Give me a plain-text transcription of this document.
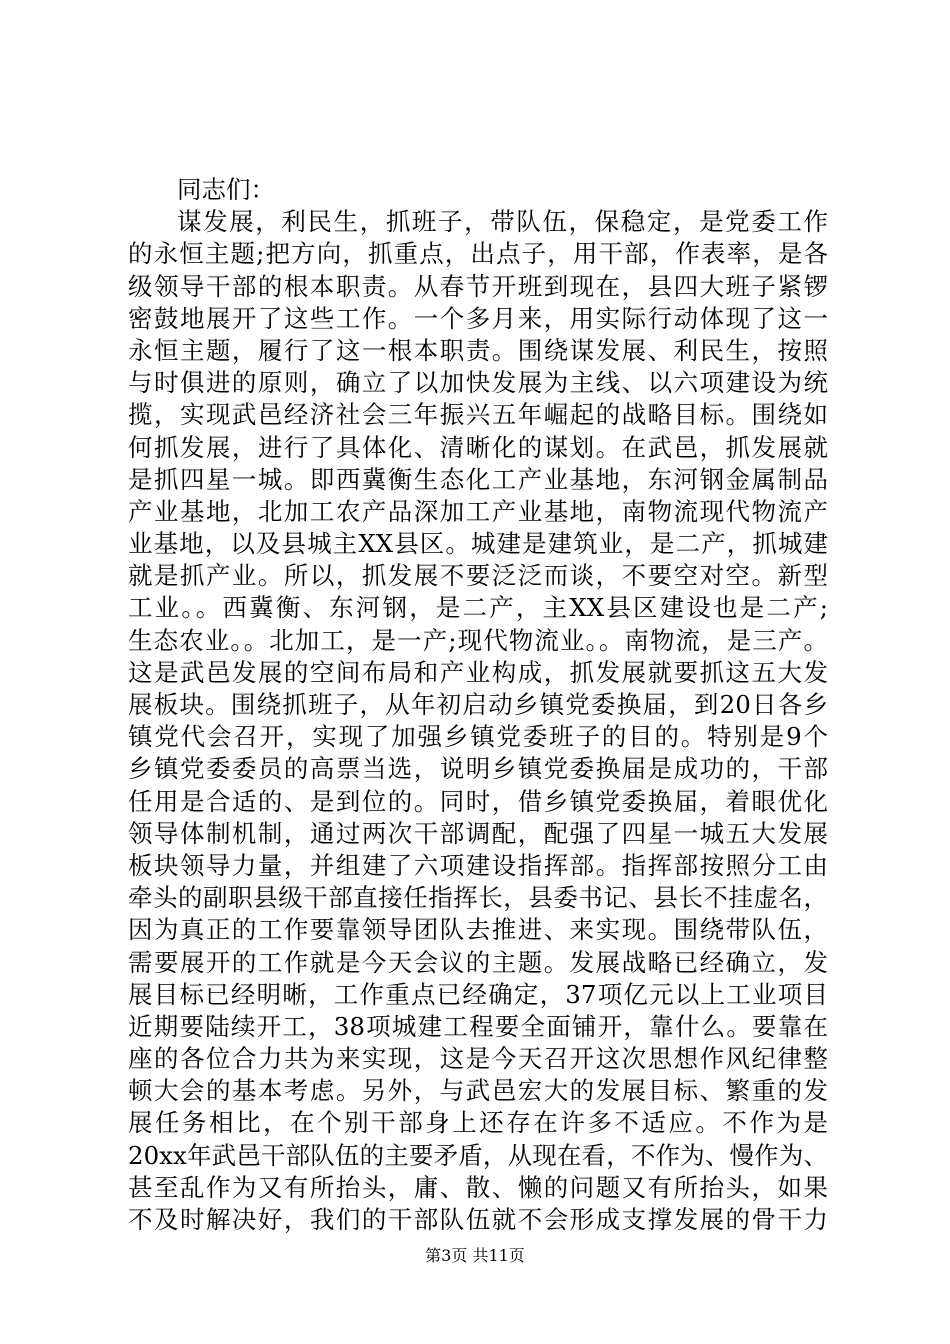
同志们：
谋发展，利民生，抓班子，带队伍，保稳定，是党委工作
的永恒主题;把方向，抓重点，出点子，用干部，作表率，是各
级领导干部的根本职责。从春节开班到现在，县四大班子紧锣
密鼓地展开了这些工作。一个多月来，用实际行动体现了这一
永恒主题，履行了这一根本职责。围绕谋发展、利民生，按照
与时俱进的原则，确立了以加快发展为主线、以六项建设为统
揽，实现武邑经济社会三年振兴五年崛起的战略目标。围绕如
何抓发展，进行了具体化、清晰化的谋划。在武邑，抓发展就
是抓四星一城。即西冀衡生态化工产业基地，东河钢金属制品
产业基地，北加工农产品深加工产业基地，南物流现代物流产
业基地，以及县城主XX县区。城建是建筑业，是二产，抓城建
就是抓产业。所以，抓发展不要泛泛而谈，不要空对空。新型
工业。。西冀衡、东河钢，是二产，主XX县区建设也是二产;
生态农业。。北加工，是一产;现代物流业。。南物流，是三产。
这是武邑发展的空间布局和产业构成，抓发展就要抓这五大发
展板块。围绕抓班子，从年初启动乡镇党委换届，到20日各乡
镇党代会召开，实现了加强乡镇党委班子的目的。特别是9个
乡镇党委委员的高票当选，说明乡镇党委换届是成功的，干部
任用是合适的、是到位的。同时，借乡镇党委换届，着眼优化
领导体制机制，通过两次干部调配，配强了四星一城五大发展
板块领导力量，并组建了六项建设指挥部。指挥部按照分工由
牵头的副职县级干部直接任指挥长，县委书记、县长不挂虚名，
因为真正的工作要靠领导团队去推进、来实现。围绕带队伍，
需要展开的工作就是今天会议的主题。发展战略已经确立，发
展目标已经明晰，工作重点已经确定，37项亿元以上工业项目
近期要陆续开工，38项城建工程要全面铺开，靠什么。要靠在
座的各位合力共为来实现，这是今天召开这次思想作风纪律整
顿大会的基本考虑。另外，与武邑宏大的发展目标、繁重的发
展任务相比，在个别干部身上还存在许多不适应。不作为是
20xx年武邑干部队伍的主要矛盾，从现在看，不作为、慢作为、
甚至乱作为又有所抬头，庸、散、懒的问题又有所抬头，如果
不及时解决好，我们的干部队伍就不会形成支撑发展的骨干力
第3页 共11页
